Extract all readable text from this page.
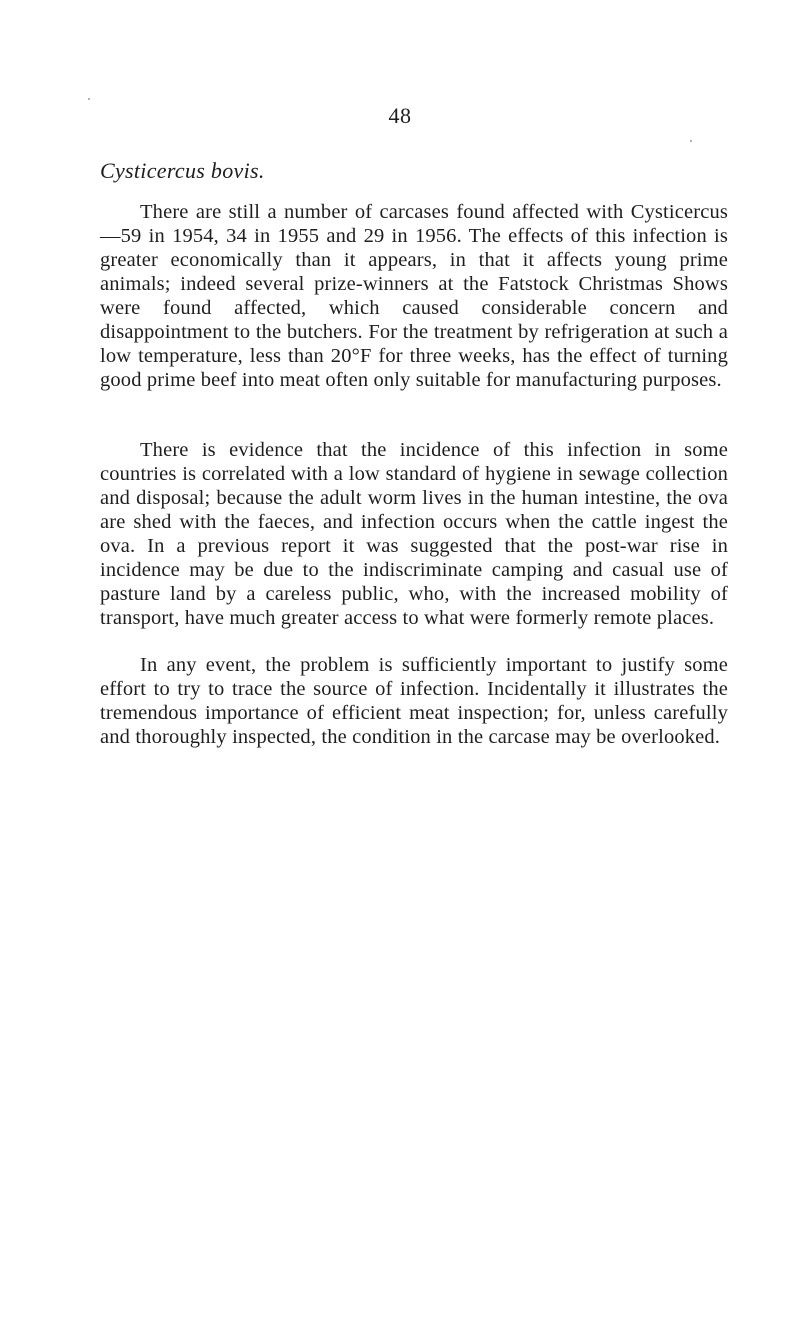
48
Cysticercus bovis.

There are still a number of carcases found affected with Cysticercus—59 in 1954, 34 in 1955 and 29 in 1956. The effects of this infection is greater economically than it appears, in that it affects young prime animals; indeed several prize-winners at the Fatstock Christmas Shows were found affected, which caused considerable concern and disappointment to the butchers. For the treatment by refrigeration at such a low temperature, less than 20°F for three weeks, has the effect of turning good prime beef into meat often only suitable for manufacturing purposes.

There is evidence that the incidence of this infection in some countries is correlated with a low standard of hygiene in sewage collection and disposal; because the adult worm lives in the human intestine, the ova are shed with the faeces, and infection occurs when the cattle ingest the ova. In a previous report it was suggested that the post-war rise in incidence may be due to the indiscriminate camping and casual use of pasture land by a careless public, who, with the increased mobility of transport, have much greater access to what were formerly remote places.

In any event, the problem is sufficiently important to justify some effort to try to trace the source of infection. Incidentally it illustrates the tremendous importance of efficient meat inspection; for, unless carefully and thoroughly inspected, the condition in the carcase may be overlooked.
